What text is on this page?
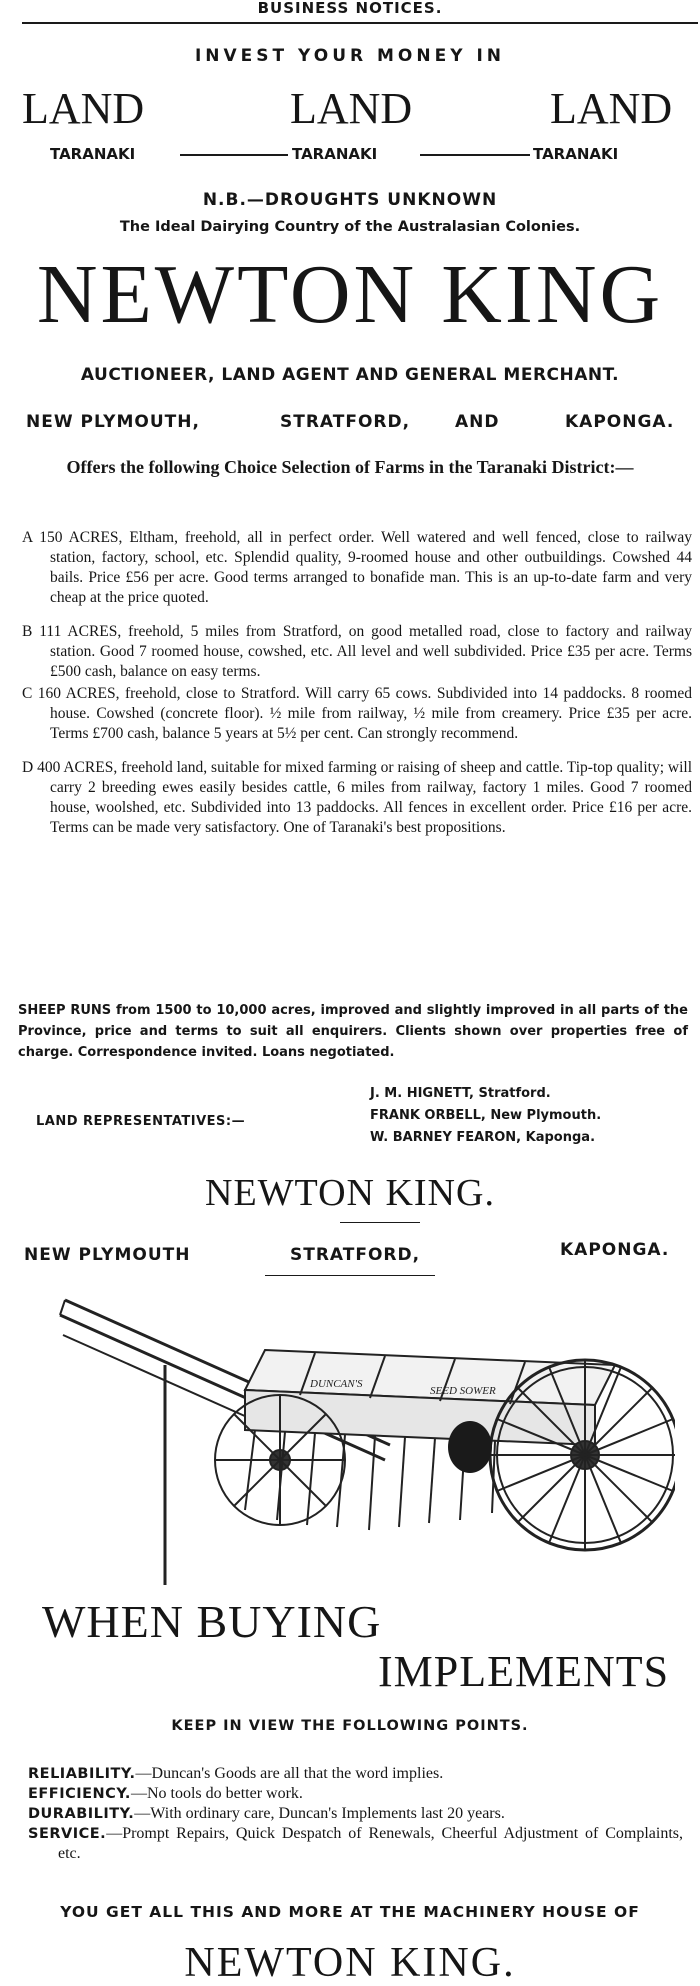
BUSINESS NOTICES.
INVEST YOUR MONEY IN
LAND	LAND	LAND
TARANAKI	TARANAKI	TARANAKI
N.B.—DROUGHTS UNKNOWN
The Ideal Dairying Country of the Australasian Colonies.
NEWTON KING
AUCTIONEER, LAND AGENT AND GENERAL MERCHANT.
NEW PLYMOUTH,	STRATFORD,	AND	KAPONGA.
Offers the following Choice Selection of Farms in the Taranaki District:—
A 150 ACRES, Eltham, freehold, all in perfect order. Well watered and well fenced, close to railway station, factory, school, etc. Splendid quality, 9-roomed house and other outbuildings. Cowshed 44 bails. Price £56 per acre. Good terms arranged to bonafide man. This is an up-to-date farm and very cheap at the price quoted.
B 111 ACRES, freehold, 5 miles from Stratford, on good metalled road, close to factory and railway station. Good 7 roomed house, cowshed, etc. All level and well subdivided. Price £35 per acre. Terms £500 cash, balance on easy terms.
C 160 ACRES, freehold, close to Stratford. Will carry 65 cows. Subdivided into 14 paddocks. 8 roomed house. Cowshed (concrete floor). ½ mile from railway, ½ mile from creamery. Price £35 per acre. Terms £700 cash, balance 5 years at 5½ per cent. Can strongly recommend.
D 400 ACRES, freehold land, suitable for mixed farming or raising of sheep and cattle. Tip-top quality; will carry 2 breeding ewes easily besides cattle, 6 miles from railway, factory 1 miles. Good 7 roomed house, woolshed, etc. Subdivided into 13 paddocks. All fences in excellent order. Price £16 per acre. Terms can be made very satisfactory. One of Taranaki's best propositions.
SHEEP RUNS from 1500 to 10,000 acres, improved and slightly improved in all parts of the Province, price and terms to suit all enquirers. Clients shown over properties free of charge. Correspondence invited. Loans negotiated.
LAND REPRESENTATIVES:—
J. M. HIGNETT, Stratford.
FRANK ORBELL, New Plymouth.
W. BARNEY FEARON, Kaponga.
NEWTON KING.
NEW PLYMOUTH	STRATFORD,	KAPONGA.
DUNCAN'S
SEED SOWER
WHEN BUYING
IMPLEMENTS
KEEP IN VIEW THE FOLLOWING POINTS.
RELIABILITY.—Duncan's Goods are all that the word implies.
EFFICIENCY.—No tools do better work.
DURABILITY.—With ordinary care, Duncan's Implements last 20 years.
SERVICE.—Prompt Repairs, Quick Despatch of Renewals, Cheerful Adjustment of Complaints, etc.
YOU GET ALL THIS AND MORE AT THE MACHINERY HOUSE OF
NEWTON KING.
